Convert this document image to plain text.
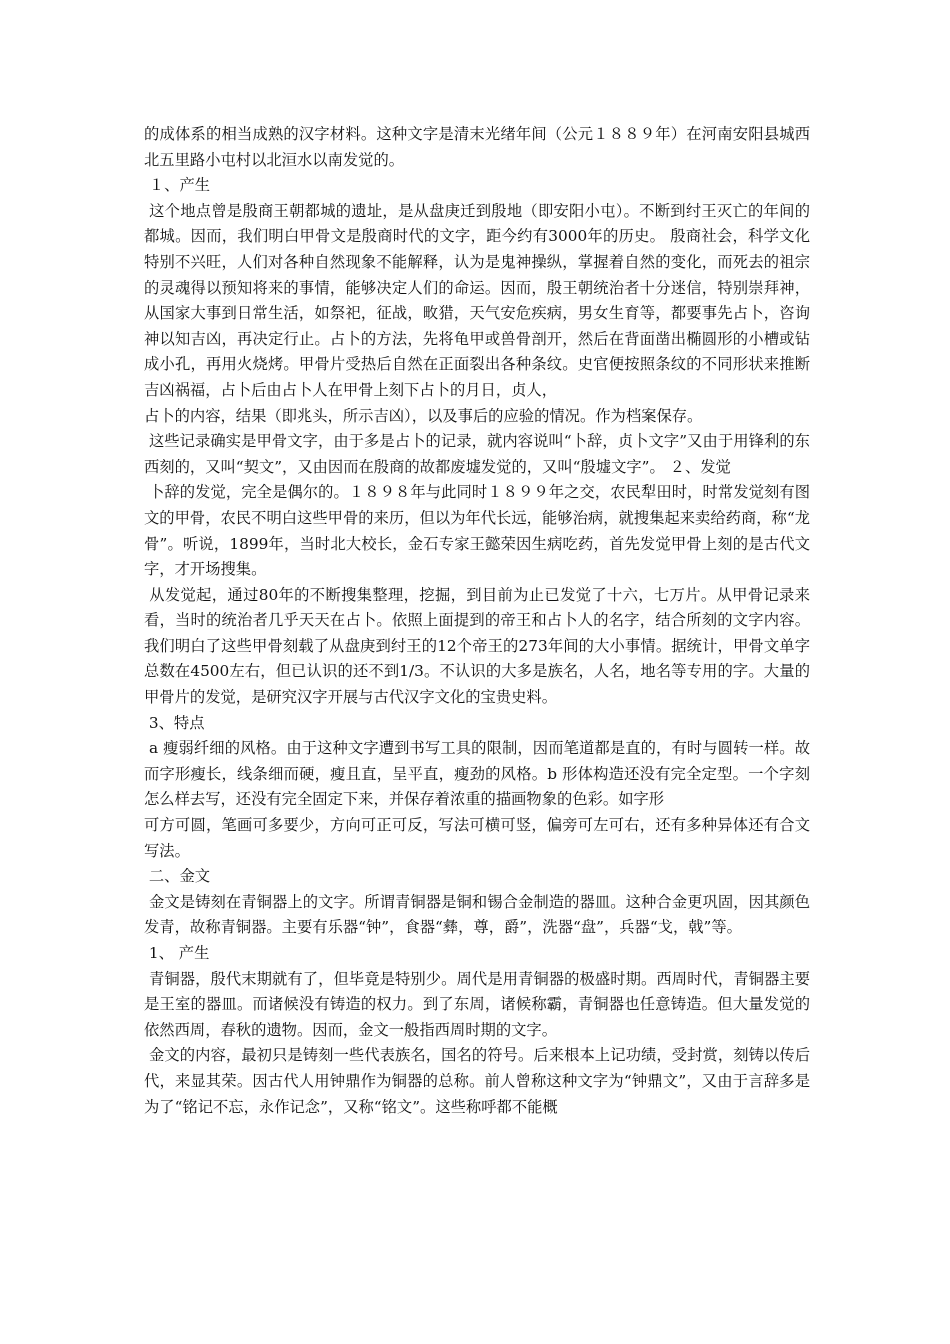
的成体系的相当成熟的汉字材料。这种文字是清末光绪年间（公元１８８９年）在河南安阳县城西北五里路小屯村以北洹水以南发觉的。

１、产生

这个地点曾是殷商王朝都城的遗址，是从盘庚迁到殷地（即安阳小屯）。不断到纣王灭亡的年间的都城。因而，我们明白甲骨文是殷商时代的文字，距今约有3000年的历史。 殷商社会，科学文化特别不兴旺，人们对各种自然现象不能解释，认为是鬼神操纵，掌握着自然的变化，而死去的祖宗的灵魂得以预知将来的事情，能够决定人们的命运。因而，殷王朝统治者十分迷信，特别崇拜神，从国家大事到日常生活，如祭祀，征战，畋猎，天气安危疾病，男女生育等，都要事先占卜，咨询神以知吉凶，再决定行止。占卜的方法，先将龟甲或兽骨剖开，然后在背面凿出椭圆形的小槽或钻成小孔，再用火烧烤。甲骨片受热后自然在正面裂出各种条纹。史官便按照条纹的不同形状来推断吉凶祸福，占卜后由占卜人在甲骨上刻下占卜的月日，贞人，

占卜的内容，结果（即兆头，所示吉凶），以及事后的应验的情况。作为档案保存。

这些记录确实是甲骨文字，由于多是占卜的记录，就内容说叫“卜辞，贞卜文字”又由于用锋利的东西刻的，又叫“契文”，又由因而在殷商的故都废墟发觉的，又叫“殷墟文字”。 ２、发觉

卜辞的发觉，完全是偶尔的。１８９８年与此同时１８９９年之交，农民犁田时，时常发觉刻有图文的甲骨，农民不明白这些甲骨的来历，但以为年代长远，能够治病，就搜集起来卖给药商，称“龙骨”。听说，1899年，当时北大校长，金石专家王懿荣因生病吃药，首先发觉甲骨上刻的是古代文字，才开场搜集。

从发觉起，通过80年的不断搜集整理，挖掘，到目前为止已发觉了十六，七万片。从甲骨记录来看，当时的统治者几乎天天在占卜。依照上面提到的帝王和占卜人的名字，结合所刻的文字内容。我们明白了这些甲骨刻载了从盘庚到纣王的12个帝王的273年间的大小事情。据统计，甲骨文单字总数在4500左右，但已认识的还不到1/3。不认识的大多是族名，人名，地名等专用的字。大量的甲骨片的发觉，是研究汉字开展与古代汉字文化的宝贵史料。

3、特点

a 瘦弱纤细的风格。由于这种文字遭到书写工具的限制，因而笔道都是直的，有时与圆转一样。故而字形瘦长，线条细而硬，瘦且直，呈平直，瘦劲的风格。b 形体构造还没有完全定型。一个字刻怎么样去写，还没有完全固定下来，并保存着浓重的描画物象的色彩。如字形

可方可圆，笔画可多要少，方向可正可反，写法可横可竖，偏旁可左可右，还有多种异体还有合文写法。

二、金文

金文是铸刻在青铜器上的文字。所谓青铜器是铜和锡合金制造的器皿。这种合金更巩固，因其颜色发青，故称青铜器。主要有乐器“钟”，食器“彝，尊，爵”，洗器“盘”，兵器“戈，戟”等。

1、 产生

青铜器，殷代末期就有了，但毕竟是特别少。周代是用青铜器的极盛时期。西周时代，青铜器主要是王室的器皿。而诸候没有铸造的权力。到了东周，诸候称霸，青铜器也任意铸造。但大量发觉的依然西周，春秋的遗物。因而，金文一般指西周时期的文字。

金文的内容，最初只是铸刻一些代表族名，国名的符号。后来根本上记功绩，受封赏，刻铸以传后代，来显其荣。因古代人用钟鼎作为铜器的总称。前人曾称这种文字为“钟鼎文”，又由于言辞多是为了“铭记不忘，永作记念”，又称“铭文”。这些称呼都不能概
